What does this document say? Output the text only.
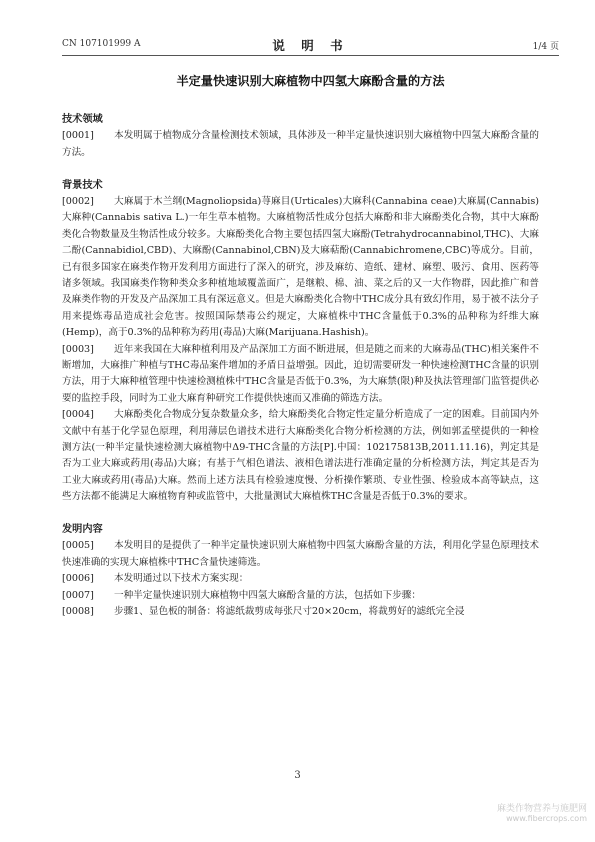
CN 107101999 A	说 明 书	1/4 页
半定量快速识别大麻植物中四氢大麻酚含量的方法

技术领域

[0001] 本发明属于植物成分含量检测技术领域，具体涉及一种半定量快速识别大麻植物中四氢大麻酚含量的方法。

背景技术

[0002] 大麻属于木兰纲(Magnoliopsida)荨麻目(Urticales)大麻科(Cannabina ceae)大麻属(Cannabis)大麻种(Cannabis sativa L.)一年生草本植物。大麻植物活性成分包括大麻酚和非大麻酚类化合物，其中大麻酚类化合物数量及生物活性成分较多。大麻酚类化合物主要包括四氢大麻酚(Tetrahydrocannabinol,THC)、大麻二酚(Cannabidiol,CBD)、大麻酚(Cannabinol,CBN)及大麻萜酚(Cannabichromene,CBC)等成分。目前，已有很多国家在麻类作物开发利用方面进行了深入的研究，涉及麻纺、造纸、建材、麻塑、吸污、食用、医药等诸多领域。我国麻类作物种类众多种植地域覆盖面广，是继粮、棉、油、菜之后的又一大作物群，因此推广和普及麻类作物的开发及产品深加工具有深远意义。但是大麻酚类化合物中THC成分具有致幻作用，易于被不法分子用来提炼毒品造成社会危害。按照国际禁毒公约规定，大麻植株中THC含量低于0.3%的品种称为纤维大麻(Hemp)，高于0.3%的品种称为药用(毒品)大麻(Marijuana.Hashish)。

[0003] 近年来我国在大麻种植利用及产品深加工方面不断进展，但是随之而来的大麻毒品(THC)相关案件不断增加，大麻推广种植与THC毒品案件增加的矛盾日益增强。因此，迫切需要研发一种快速检测THC含量的识别方法，用于大麻种植管理中快速检测植株中THC含量是否低于0.3%，为大麻禁(限)种及执法管理部门监管提供必要的监控手段，同时为工业大麻育种研究工作提供快速而又准确的筛选方法。

[0004] 大麻酚类化合物成分复杂数量众多，给大麻酚类化合物定性定量分析造成了一定的困难。目前国内外文献中有基于化学显色原理，利用薄层色谱技术进行大麻酚类化合物分析检测的方法，例如郭孟壁提供的一种检测方法(一种半定量快速检测大麻植物中Δ9-THC含量的方法[P].中国：102175813B,2011.11.16)，判定其是否为工业大麻或药用(毒品)大麻；有基于气相色谱法、液相色谱法进行准确定量的分析检测方法，判定其是否为工业大麻或药用(毒品)大麻。然而上述方法具有检验速度慢、分析操作繁琐、专业性强、检验成本高等缺点，这些方法都不能满足大麻植物育种或监管中，大批量测试大麻植株THC含量是否低于0.3%的要求。

发明内容

[0005] 本发明目的是提供了一种半定量快速识别大麻植物中四氢大麻酚含量的方法，利用化学显色原理技术快速准确的实现大麻植株中THC含量快速筛选。

[0006] 本发明通过以下技术方案实现：

[0007] 一种半定量快速识别大麻植物中四氢大麻酚含量的方法，包括如下步骤：

[0008] 步骤1、显色板的制备：将滤纸裁剪成每张尺寸20×20cm，将裁剪好的滤纸完全浸

3
麻类作物营养与施肥网
www.fibercrops.com
